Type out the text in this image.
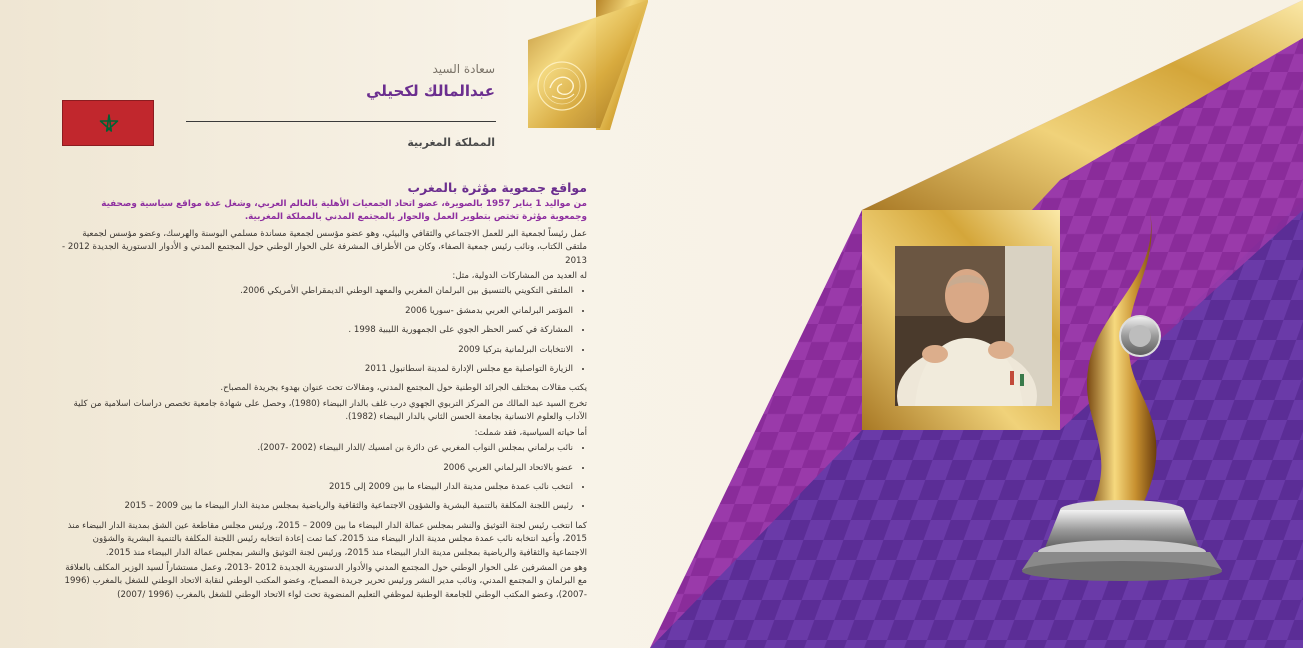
سعادة السيد
عبدالمالك لكحيلي
المملكة المغربية
مواقع جمعوية مؤثرة بالمغرب

من مواليد 1 يناير 1957 بالصويرة، عضو اتحاد الجمعيات الأهلية بالعالم العربي، وشغل عدة مواقع سياسية وصحفية وجمعوية مؤثرة تختص بتطوير العمل والحوار بالمجتمع المدني بالمملكة المغربية.

عمل رئيساً لجمعية البر للعمل الاجتماعي والثقافي والبيئي، وهو عضو مؤسس لجمعية مساندة مسلمي البوسنة والهرسك، وعضو مؤسس لجمعية ملتقى الكتاب، ونائب رئيس جمعية الصفاء، وكان من الأطراف المشرفة على الحوار الوطني حول المجتمع المدني و الأدوار الدستورية الجديدة 2012 - 2013

له العديد من المشاركات الدولية، مثل:

• الملتقى التكويني بالتنسيق بين البرلمان المغربي والمعهد الوطني الديمقراطي الأمريكي 2006.
• المؤتمر البرلماني العربي بدمشق -سوريا 2006
• المشاركة في كسر الحظر الجوي على الجمهورية الليبية 1998 .
• الانتخابات البرلمانية بتركيا 2009
• الزيارة التواصلية مع مجلس الإدارة لمدينة اسطانبول 2011

يكتب مقالات بمختلف الجرائد الوطنية حول المجتمع المدني، ومقالات تحت عنوان بهدوء بجريدة المصباح.

تخرج السيد عبد المالك من المركز التربوي الجهوي درب غلف بالدار البيضاء (1980)، وحصل على شهادة جامعية تخصص دراسات اسلامية من كلية الآداب والعلوم الانسانية بجامعة الحسن الثاني بالدار البيضاء (1982).

أما حياته السياسية، فقد شملت:

• نائب برلماني بمجلس النواب المغربي عن دائرة بن امسيك /الدار البيضاء (2002 -2007).
• عضو بالاتحاد البرلماني العربي 2006
• انتخب نائب عمدة مجلس مدينة الدار البيضاء ما بين 2009 إلى 2015
• رئيس اللجنة المكلفة بالتنمية البشرية والشؤون الاجتماعية والثقافية والرياضية بمجلس مدينة الدار البيضاء ما بين 2009 – 2015

كما انتخب رئيس لجنة التوثيق والنشر بمجلس عمالة الدار البيضاء ما بين 2009 – 2015، ورئيس مجلس مقاطعة عين الشق بمدينة الدار البيضاء منذ 2015، وأعيد انتخابه نائب عمدة مجلس مدينة الدار البيضاء منذ 2015، كما تمت إعادة انتخابه رئيس اللجنة المكلفة بالتنمية البشرية والشؤون الاجتماعية والثقافية والرياضية بمجلس مدينة الدار البيضاء منذ 2015، ورئيس لجنة التوثيق والنشر بمجلس عمالة الدار البيضاء منذ 2015.

وهو من المشرفين على الحوار الوطني حول المجتمع المدني والأدوار الدستورية الجديدة 2012 -2013، وعمل مستشاراً لسيد الوزير المكلف بالعلاقة مع البرلمان و المجتمع المدني، ونائب مدير النشر ورئيس تحرير جريدة المصباح، وعضو المكتب الوطني لنقابة الاتحاد الوطني للشغل بالمغرب (1996 -2007)، وعضو المكتب الوطني للجامعة الوطنية لموظفي التعليم المنضوية تحت لواء الاتحاد الوطني للشغل بالمغرب (1996 /2007)
